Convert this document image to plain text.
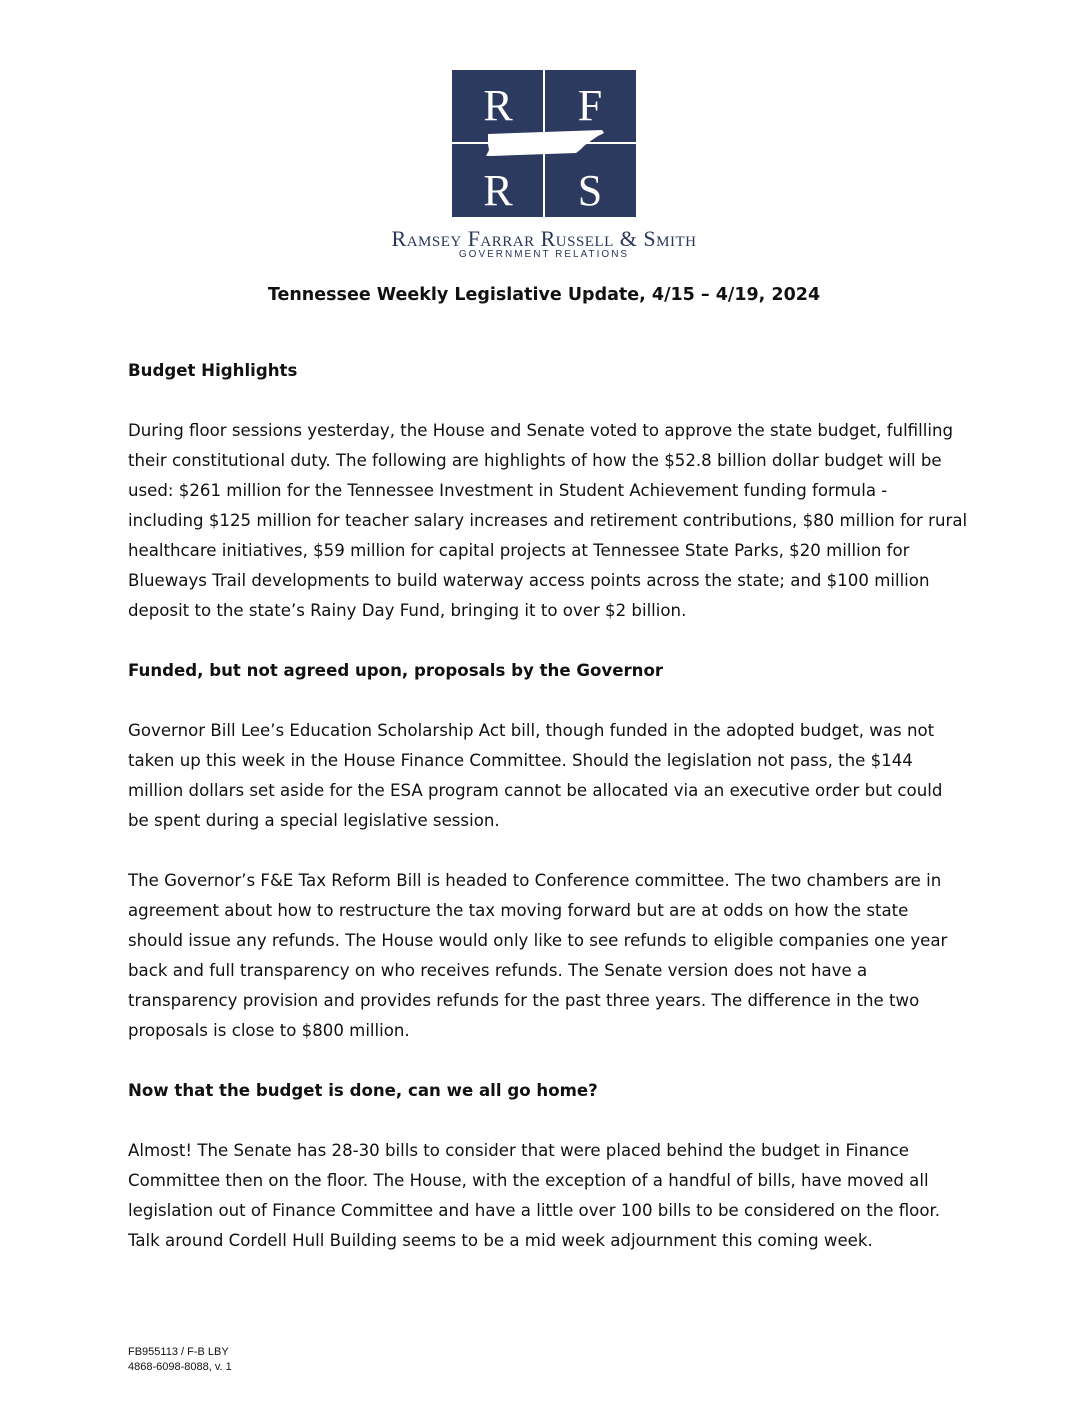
R F
R S
Ramsey Farrar Russell & Smith
GOVERNMENT RELATIONS
Tennessee Weekly Legislative Update, 4/15 – 4/19, 2024
Budget Highlights

During floor sessions yesterday, the House and Senate voted to approve the state budget, fulfilling their constitutional duty. The following are highlights of how the $52.8 billion dollar budget will be used: $261 million for the Tennessee Investment in Student Achievement funding formula - including $125 million for teacher salary increases and retirement contributions, $80 million for rural healthcare initiatives, $59 million for capital projects at Tennessee State Parks, $20 million for Blueways Trail developments to build waterway access points across the state; and $100 million deposit to the state’s Rainy Day Fund, bringing it to over $2 billion.

Funded, but not agreed upon, proposals by the Governor

Governor Bill Lee’s Education Scholarship Act bill, though funded in the adopted budget, was not taken up this week in the House Finance Committee. Should the legislation not pass, the $144 million dollars set aside for the ESA program cannot be allocated via an executive order but could be spent during a special legislative session.

The Governor’s F&E Tax Reform Bill is headed to Conference committee. The two chambers are in agreement about how to restructure the tax moving forward but are at odds on how the state should issue any refunds. The House would only like to see refunds to eligible companies one year back and full transparency on who receives refunds. The Senate version does not have a transparency provision and provides refunds for the past three years. The difference in the two proposals is close to $800 million.

Now that the budget is done, can we all go home?

Almost! The Senate has 28-30 bills to consider that were placed behind the budget in Finance Committee then on the floor. The House, with the exception of a handful of bills, have moved all legislation out of Finance Committee and have a little over 100 bills to be considered on the floor. Talk around Cordell Hull Building seems to be a mid week adjournment this coming week.

FB955113 / F-B LBY
4868-6098-8088, v. 1
